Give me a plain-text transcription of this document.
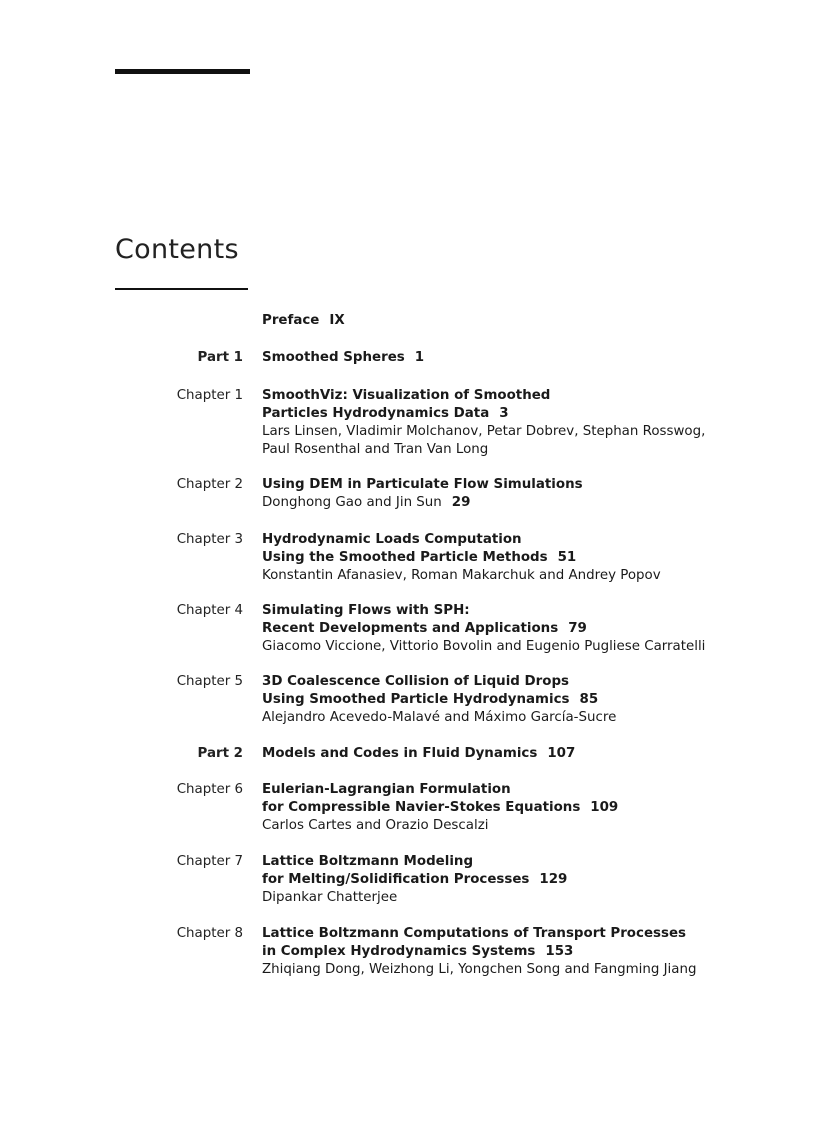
Contents
Preface IX
Part 1 Smoothed Spheres 1
Chapter 1 SmoothViz: Visualization of Smoothed
Particles Hydrodynamics Data 3
Lars Linsen, Vladimir Molchanov, Petar Dobrev, Stephan Rosswog,
Paul Rosenthal and Tran Van Long
Chapter 2 Using DEM in Particulate Flow Simulations
Donghong Gao and Jin Sun 29
Chapter 3 Hydrodynamic Loads Computation
Using the Smoothed Particle Methods 51
Konstantin Afanasiev, Roman Makarchuk and Andrey Popov
Chapter 4 Simulating Flows with SPH:
Recent Developments and Applications 79
Giacomo Viccione, Vittorio Bovolin and Eugenio Pugliese Carratelli
Chapter 5 3D Coalescence Collision of Liquid Drops
Using Smoothed Particle Hydrodynamics 85
Alejandro Acevedo-Malavé and Máximo García-Sucre
Part 2 Models and Codes in Fluid Dynamics 107
Chapter 6 Eulerian-Lagrangian Formulation
for Compressible Navier-Stokes Equations 109
Carlos Cartes and Orazio Descalzi
Chapter 7 Lattice Boltzmann Modeling
for Melting/Solidification Processes 129
Dipankar Chatterjee
Chapter 8 Lattice Boltzmann Computations of Transport Processes
in Complex Hydrodynamics Systems 153
Zhiqiang Dong, Weizhong Li, Yongchen Song and Fangming Jiang
